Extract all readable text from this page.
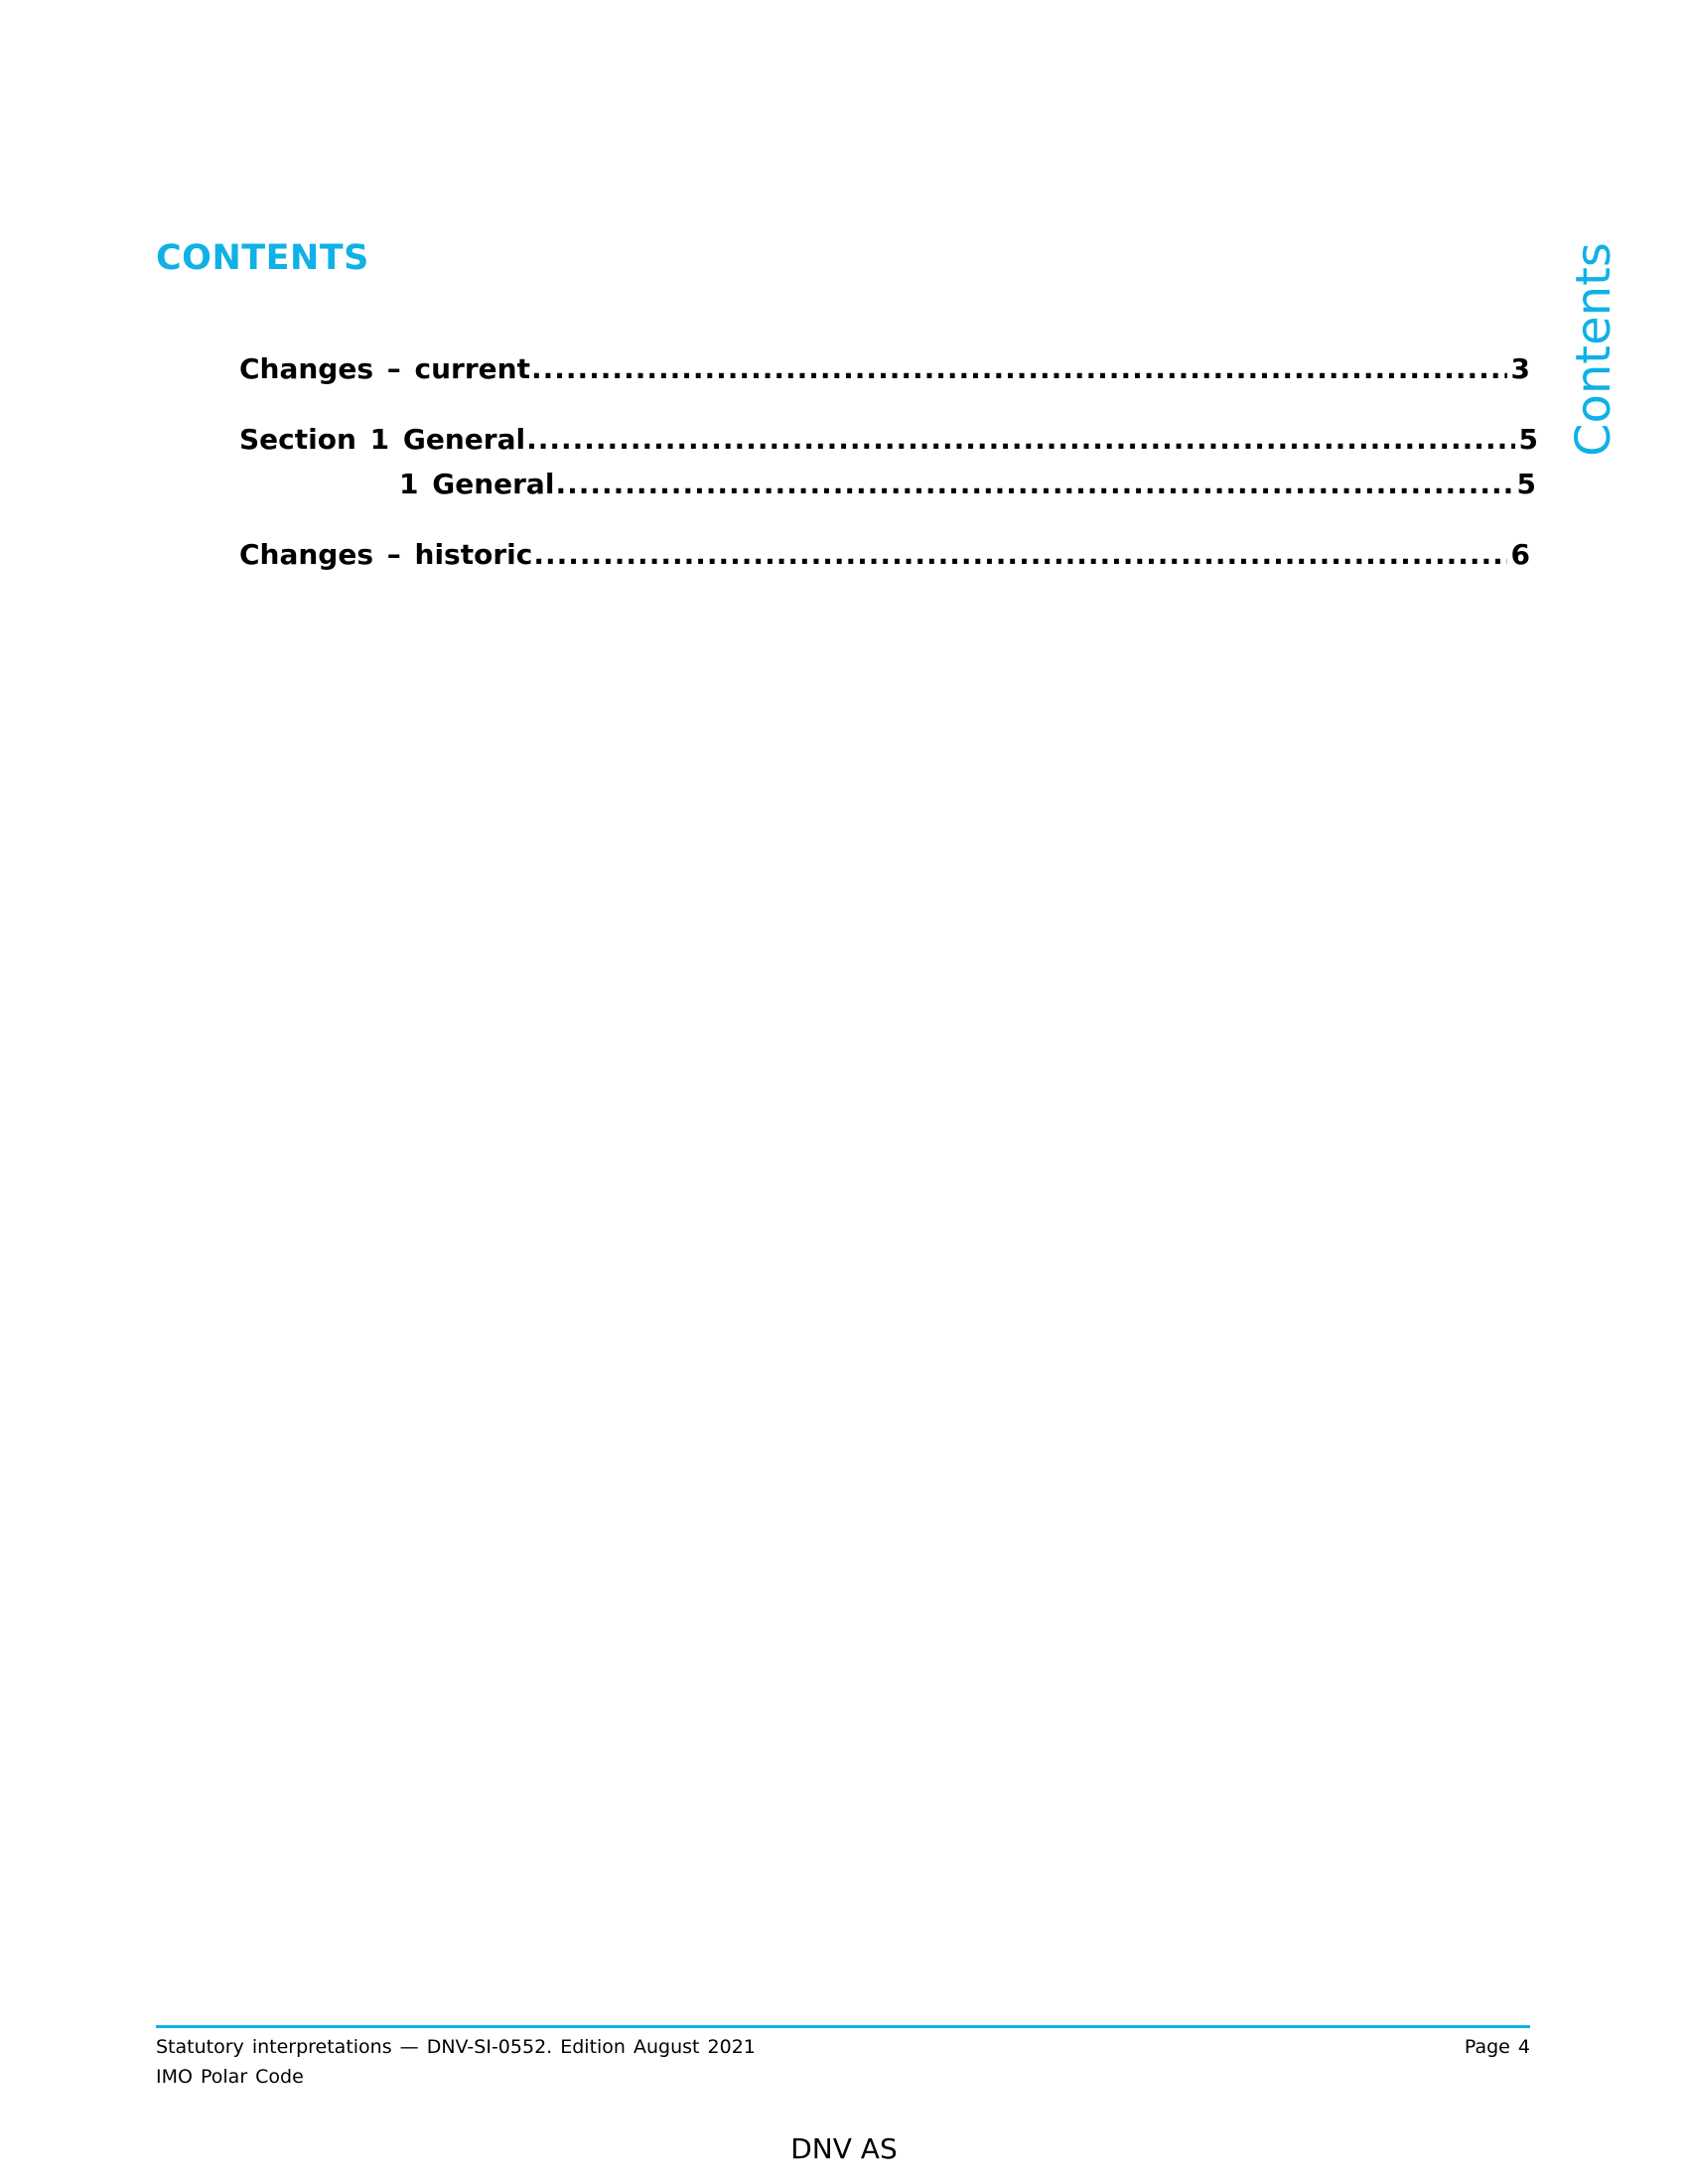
CONTENTS	Contents
Changes – current .....	3
Section 1 General .....	5
1 General .....	5
Changes – historic .....	6
Statutory interpretations — DNV-SI-0552. Edition August 2021
IMO Polar Code
Page 4
DNV AS
